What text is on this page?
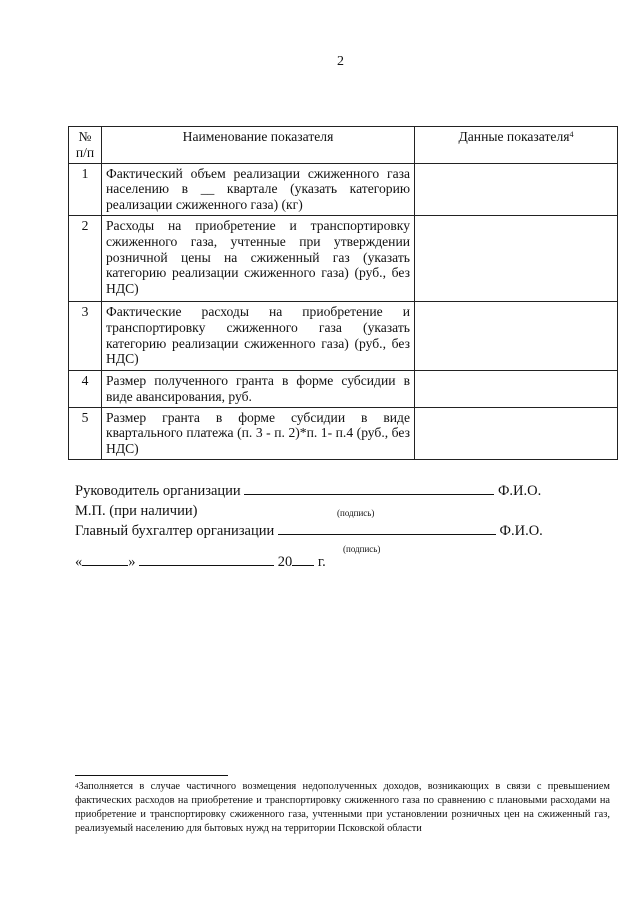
2
№ п/п	Наименование показателя	Данные показателя$^4$
1	Фактический объем реализации сжиженного газа населению в __ квартале (указать категорию реализации сжиженного газа) (кг)	
2	Расходы на приобретение и транспортировку сжиженного газа, учтенные при утверждении розничной цены на сжиженный газ (указать категорию реализации сжиженного газа) (руб., без НДС)	
3	Фактические расходы на приобретение и транспортировку сжиженного газа (указать категорию реализации сжиженного газа) (руб., без НДС)	
4	Размер полученного гранта в форме субсидии в виде авансирования, руб.	
5	Размер гранта в форме субсидии в виде квартального платежа (п. 3 - п. 2)*п. 1- п.4 (руб., без НДС)	
Руководитель организации	Ф.И.О.
М.П. (при наличии)	(подпись)
Главный бухгалтер организации	Ф.И.О.
(подпись)
«	»	20 г.
$^4$Заполняется в случае частичного возмещения недополученных доходов, возникающих в связи с превышением фактических расходов на приобретение и транспортировку сжиженного газа по сравнению с плановыми расходами на приобретение и транспортировку сжиженного газа, учтенными при установлении розничных цен на сжиженный газ, реализуемый населению для бытовых нужд на территории Псковской области
